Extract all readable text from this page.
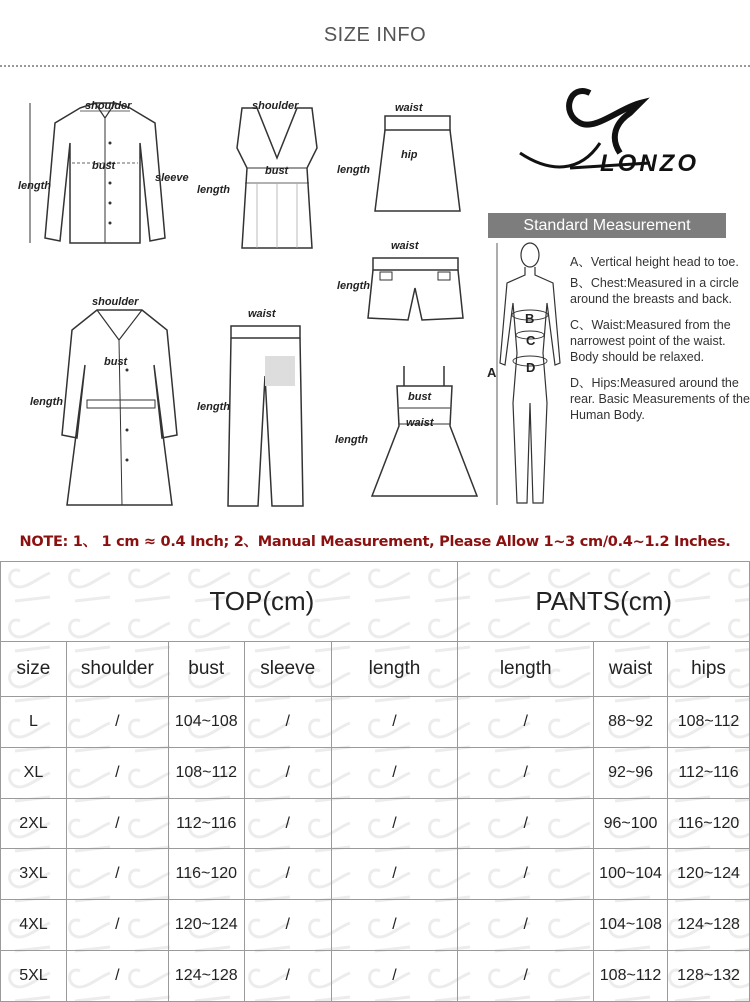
SIZE INFO
shoulder
bust
sleeve
length
shoulder
bust
length
waist
hip
length
waist
length
shoulder
bust
length
waist
length
bust
waist
length
LONZO
Standard Measurement
A
B
C
D
A、Vertical height head to toe.
B、Chest:Measured in a circle around the breasts and back.
C、Waist:Measured from the narrowest point of the waist. Body should be relaxed.
D、Hips:Measured around the rear. Basic Measurements of the Human Body.
NOTE: 1、 1 cm ≈ 0.4 Inch; 2、Manual Measurement, Please Allow 1~3 cm/0.4~1.2 Inches.
	TOP(cm)				PANTS(cm)		
size	shoulder	bust	sleeve	length	length	waist	hips
L	/	104~108	/	/	/	88~92	108~112
XL	/	108~112	/	/	/	92~96	112~116
2XL	/	112~116	/	/	/	96~100	116~120
3XL	/	116~120	/	/	/	100~104	120~124
4XL	/	120~124	/	/	/	104~108	124~128
5XL	/	124~128	/	/	/	108~112	128~132
